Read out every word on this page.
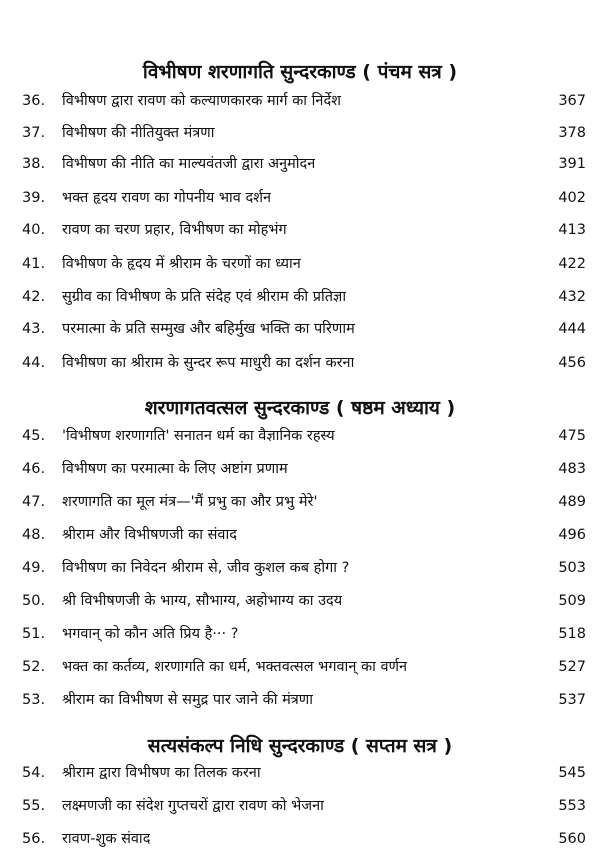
विभीषण शरणागति सुन्दरकाण्ड ( पंचम सत्र )
36. विभीषण द्वारा रावण को कल्याणकारक मार्ग का निर्देश	367
37. विभीषण की नीतियुक्त मंत्रणा	378
38. विभीषण की नीति का माल्यवंतजी द्वारा अनुमोदन	391
39. भक्त हृदय रावण का गोपनीय भाव दर्शन	402
40. रावण का चरण प्रहार, विभीषण का मोहभंग	413
41. विभीषण के हृदय में श्रीराम के चरणों का ध्यान	422
42. सुग्रीव का विभीषण के प्रति संदेह एवं श्रीराम की प्रतिज्ञा	432
43. परमात्मा के प्रति सम्मुख और बहिर्मुख भक्ति का परिणाम	444
44. विभीषण का श्रीराम के सुन्दर रूप माधुरी का दर्शन करना	456
शरणागतवत्सल सुन्दरकाण्ड ( षष्ठम अध्याय )
45. 'विभीषण शरणागति' सनातन धर्म का वैज्ञानिक रहस्य	475
46. विभीषण का परमात्मा के लिए अष्टांग प्रणाम	483
47. शरणागति का मूल मंत्र—'मैं प्रभु का और प्रभु मेरे'	489
48. श्रीराम और विभीषणजी का संवाद	496
49. विभीषण का निवेदन श्रीराम से, जीव कुशल कब होगा ?	503
50. श्री विभीषणजी के भाग्य, सौभाग्य, अहोभाग्य का उदय	509
51. भगवान् को कौन अति प्रिय है··· ?	518
52. भक्त का कर्तव्य, शरणागति का धर्म, भक्तवत्सल भगवान् का वर्णन	527
53. श्रीराम का विभीषण से समुद्र पार जाने की मंत्रणा	537
सत्यसंकल्प निधि सुन्दरकाण्ड ( सप्तम सत्र )
54. श्रीराम द्वारा विभीषण का तिलक करना	545
55. लक्ष्मणजी का संदेश गुप्तचरों द्वारा रावण को भेजना	553
56. रावण-शुक संवाद	560
